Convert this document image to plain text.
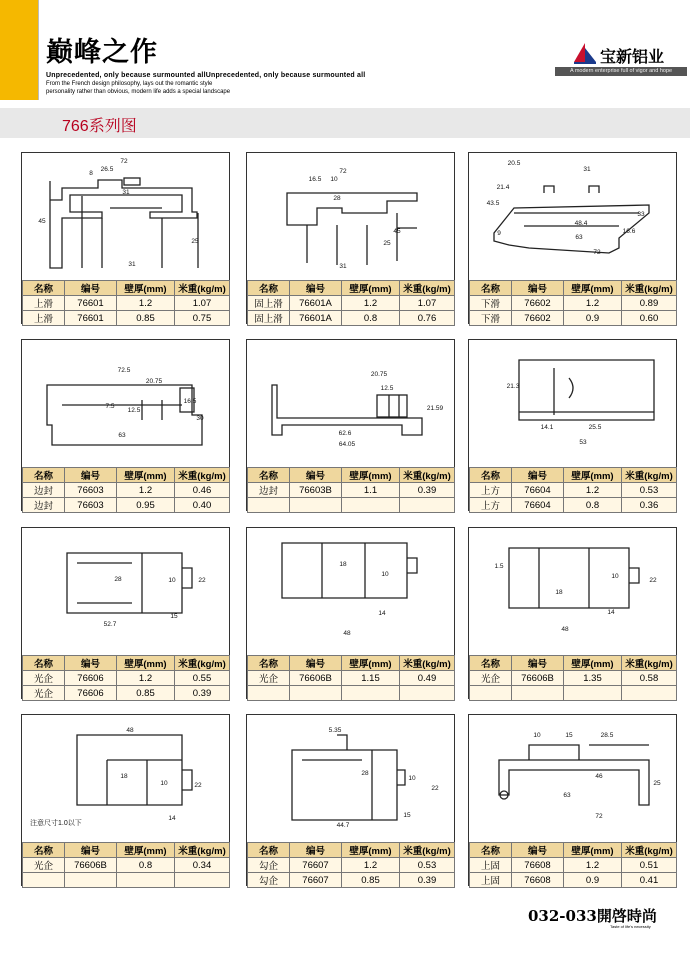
巅峰之作
Unprecedented, only because surmounted allUnprecedented, only because surmounted all
From the French design philosophy, lays out the romantic style
personality rather than obvious, modern life adds a special landscape
宝新铝业
A modern enterprise full of vigor and hope
766系列图
72
26.5
8
31
45
25
31
名称	编号	壁厚(mm)	米重(kg/m)
上滑	76601	1.2	1.07
上滑	76601	0.85	0.75
72
16.5 10
28
25
45
31
名称	编号	壁厚(mm)	米重(kg/m)
固上滑	76601A	1.2	1.07
固上滑	76601A	0.8	0.76
20.5
31
21.4
43.5
48.4
63
16.6
33
9
72
名称	编号	壁厚(mm)	米重(kg/m)
下滑	76602	1.2	0.89
下滑	76602	0.9	0.60
72.5
20.75
16.5
7.5
12.5
30
63
名称	编号	壁厚(mm)	米重(kg/m)
边封	76603	1.2	0.46
边封	76603	0.95	0.40
20.75
12.5
21.59
62.6
64.05
名称	编号	壁厚(mm)	米重(kg/m)
边封	76603B	1.1	0.39

21.3
14.1	25.5
53
名称	编号	壁厚(mm)	米重(kg/m)
上方	76604	1.2	0.53
上方	76604	0.8	0.36
28	10	22
52.7
15
名称	编号	壁厚(mm)	米重(kg/m)
光企	76606	1.2	0.55
光企	76606	0.85	0.39
18
10
14
48
名称	编号	壁厚(mm)	米重(kg/m)
光企	76606B	1.15	0.49

1.5
18
10
22
14
48
名称	编号	壁厚(mm)	米重(kg/m)
光企	76606B	1.35	0.58

48
18
10	22
14
注意尺寸1.0以下
名称	编号	壁厚(mm)	米重(kg/m)
光企	76606B	0.8	0.34

5.35
28
10
22
15
44.7
名称	编号	壁厚(mm)	米重(kg/m)
勾企	76607	1.2	0.53
勾企	76607	0.85	0.39
10	15	28.5
46
63
25
72
名称	编号	壁厚(mm)	米重(kg/m)
上固	76608	1.2	0.51
上固	76608	0.9	0.41
032-033開啓時尚
Taste of life's necessity
